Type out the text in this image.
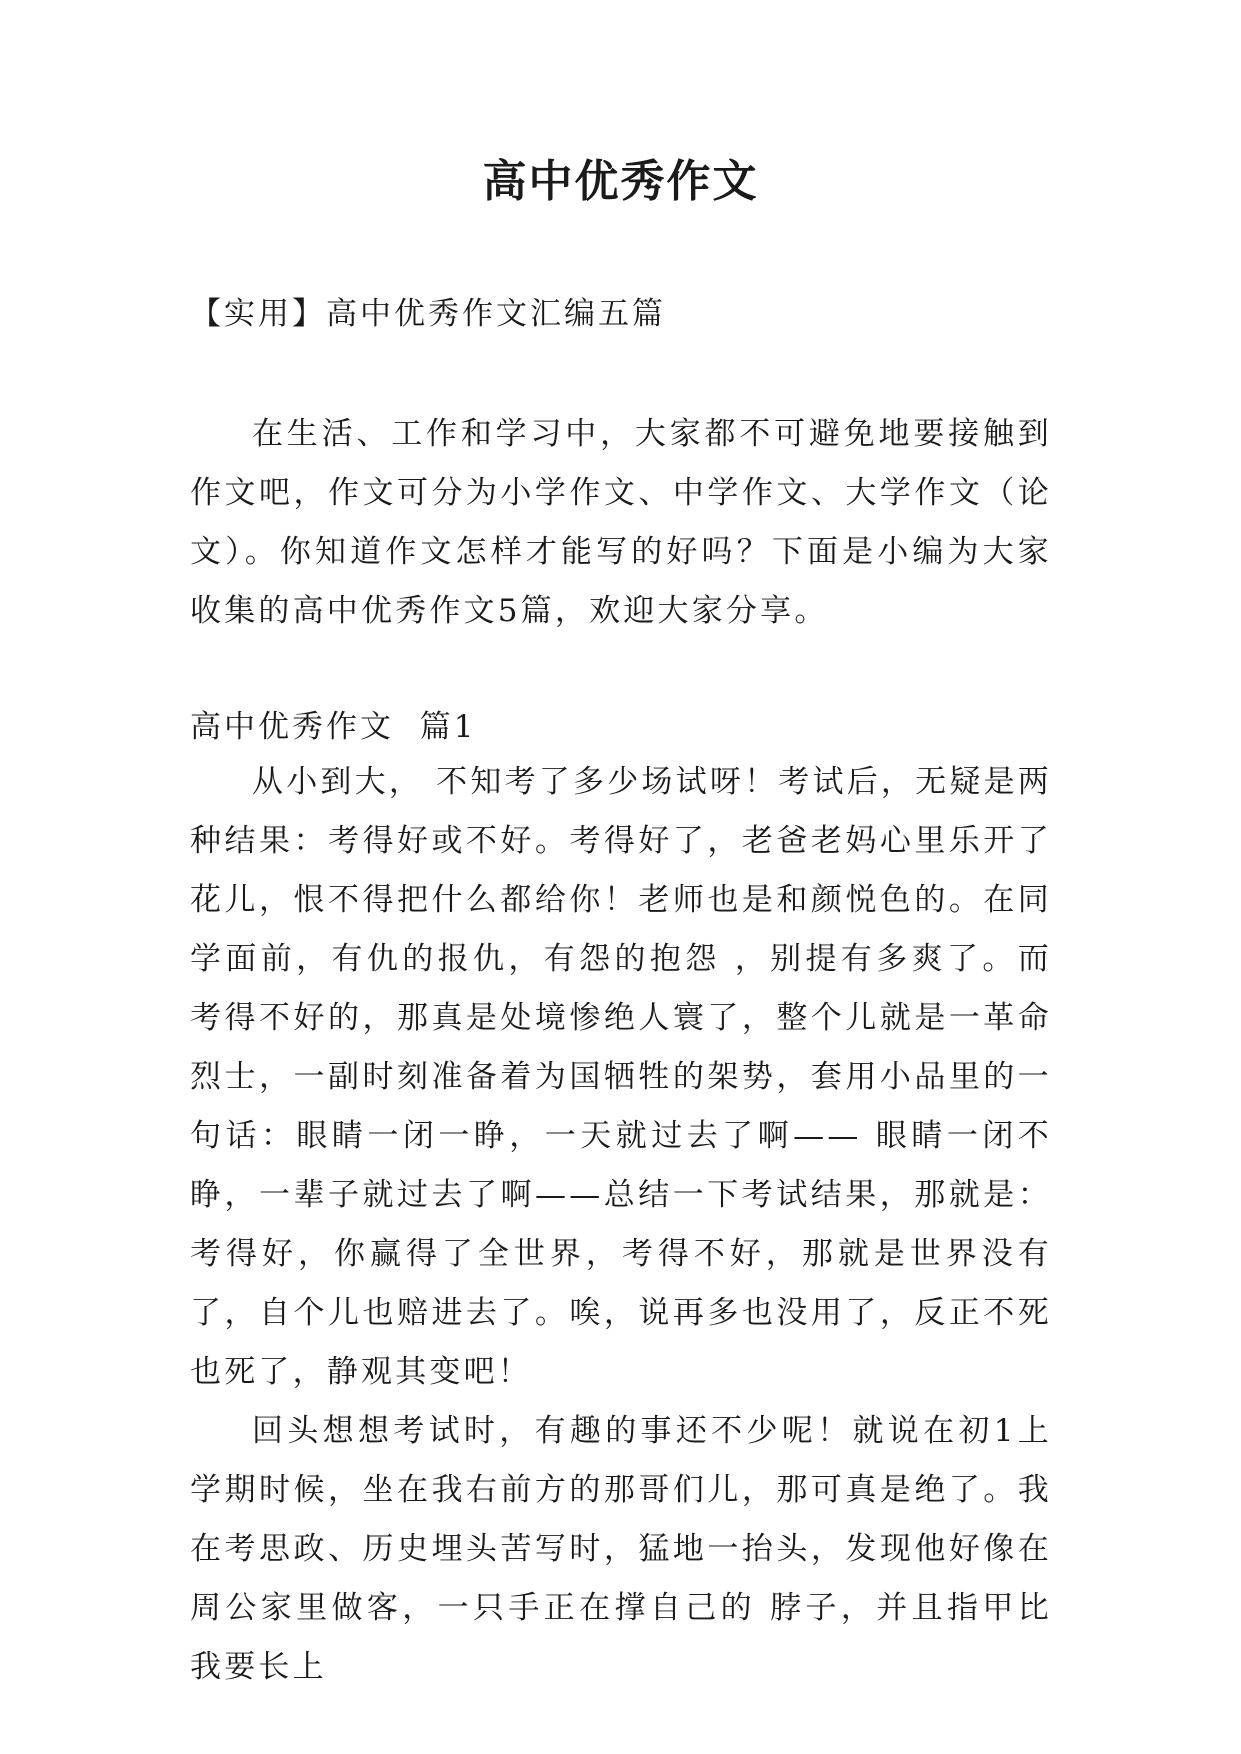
高中优秀作文
【实用】高中优秀作文汇编五篇

在生活、工作和学习中，大家都不可避免地要接触到作文吧，作文可分为小学作文、中学作文、大学作文（论文）。你知道作文怎样才能写的好吗？下面是小编为大家收集的高中优秀作文5篇，欢迎大家分享。

高中优秀作文  篇1

从小到大， 不知考了多少场试呀！考试后，无疑是两种结果：考得好或不好。考得好了，老爸老妈心里乐开了花儿，恨不得把什么都给你！老师也是和颜悦色的。在同学面前，有仇的报仇，有怨的抱怨 ，别提有多爽了。而考得不好的，那真是处境惨绝人寰了，整个儿就是一革命烈士，一副时刻准备着为国牺牲的架势，套用小品里的一句话：眼睛一闭一睁，一天就过去了啊—— 眼睛一闭不睁，一辈子就过去了啊——总结一下考试结果，那就是：考得好，你赢得了全世界，考得不好，那就是世界没有了，自个儿也赔进去了。唉，说再多也没用了，反正不死也死了，静观其变吧！

回头想想考试时，有趣的事还不少呢！就说在初1上学期时候，坐在我右前方的那哥们儿，那可真是绝了。我在考思政、历史埋头苦写时，猛地一抬头，发现他好像在周公家里做客，一只手正在撑自己的 脖子，并且指甲比我要长上
